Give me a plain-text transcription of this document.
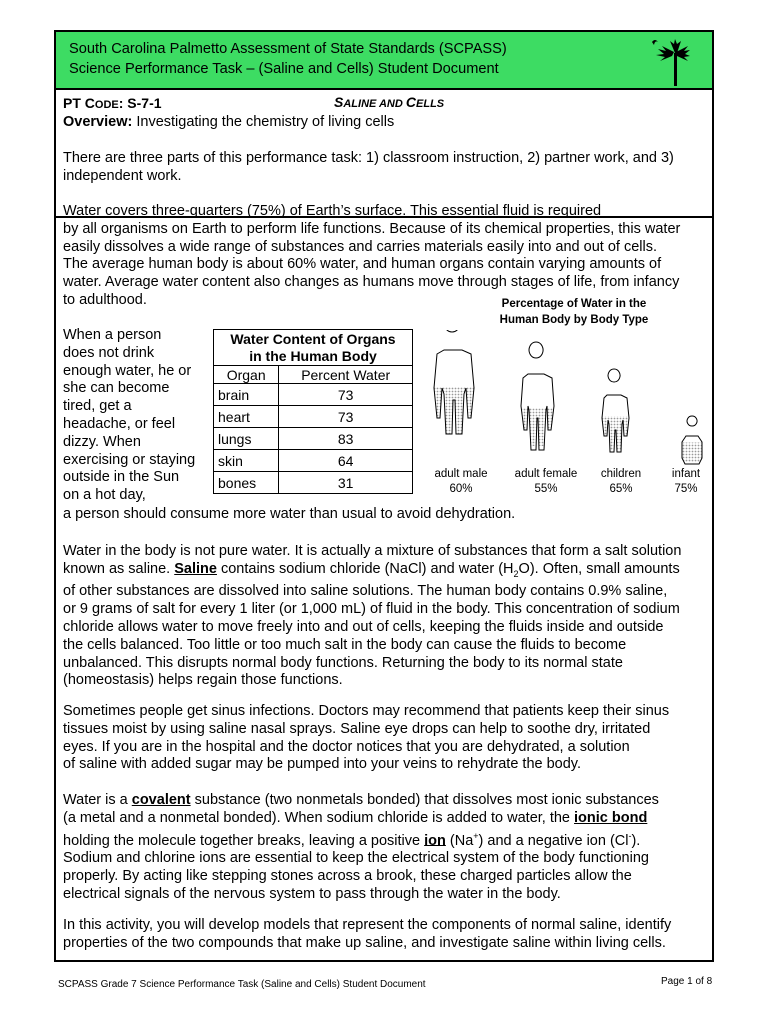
South Carolina Palmetto Assessment of State Standards (SCPASS)
Science Performance Task – (Saline and Cells) Student Document
PT CODE: S-7-1	SALINE AND CELLS
Overview: Investigating the chemistry of living cells
There are three parts of this performance task: 1) classroom instruction, 2) partner work, and 3) independent work.
Water covers three-quarters (75%) of Earth’s surface. This essential fluid is required
by all organisms on Earth to perform life functions. Because of its chemical properties, this water
easily dissolves a wide range of substances and carries materials easily into and out of cells.
The average human body is about 60% water, and human organs contain varying amounts of
water. Average water content also changes as humans move through stages of life, from infancy
to adulthood.
When a person
does not drink
enough water, he or
she can become
tired, get a
headache, or feel
dizzy. When
exercising or staying
outside in the Sun
on a hot day,
a person should consume more water than usual to avoid dehydration.
Water Content of Organs
in the Human Body	

Organ	Percent Water
brain	73
heart	73
lungs	83
skin	64
bones	31
Percentage of Water in the
Human Body by Body Type
adult male
60%
adult female
55%
children
65%
infant
75%
Water in the body is not pure water. It is actually a mixture of substances that form a salt solution
known as saline. Saline contains sodium chloride (NaCl) and water $(H_2O)$. Often, small amounts
of other substances are dissolved into saline solutions. The human body contains 0.9% saline,
or 9 grams of salt for every 1 liter (or 1,000 mL) of fluid in the body. This concentration of sodium
chloride allows water to move freely into and out of cells, keeping the fluids inside and outside
the cells balanced. Too little or too much salt in the body can cause the fluids to become
unbalanced. This disrupts normal body functions. Returning the body to its normal state
(homeostasis) helps regain those functions.
Sometimes people get sinus infections. Doctors may recommend that patients keep their sinus
tissues moist by using saline nasal sprays. Saline eye drops can help to soothe dry, irritated
eyes. If you are in the hospital and the doctor notices that you are dehydrated, a solution
of saline with added sugar may be pumped into your veins to rehydrate the body.
Water is a covalent substance (two nonmetals bonded) that dissolves most ionic substances
(a metal and a nonmetal bonded). When sodium chloride is added to water, the ionic bond
holding the molecule together breaks, leaving a positive ion (Na+) and a negative ion (Cl-).
Sodium and chlorine ions are essential to keep the electrical system of the body functioning
properly. By acting like stepping stones across a brook, these charged particles allow the
electrical signals of the nervous system to pass through the water in the body.
In this activity, you will develop models that represent the components of normal saline, identify
properties of the two compounds that make up saline, and investigate saline within living cells.
SCPASS Grade 7 Science Performance Task (Saline and Cells) Student Document	Page 1 of 8
